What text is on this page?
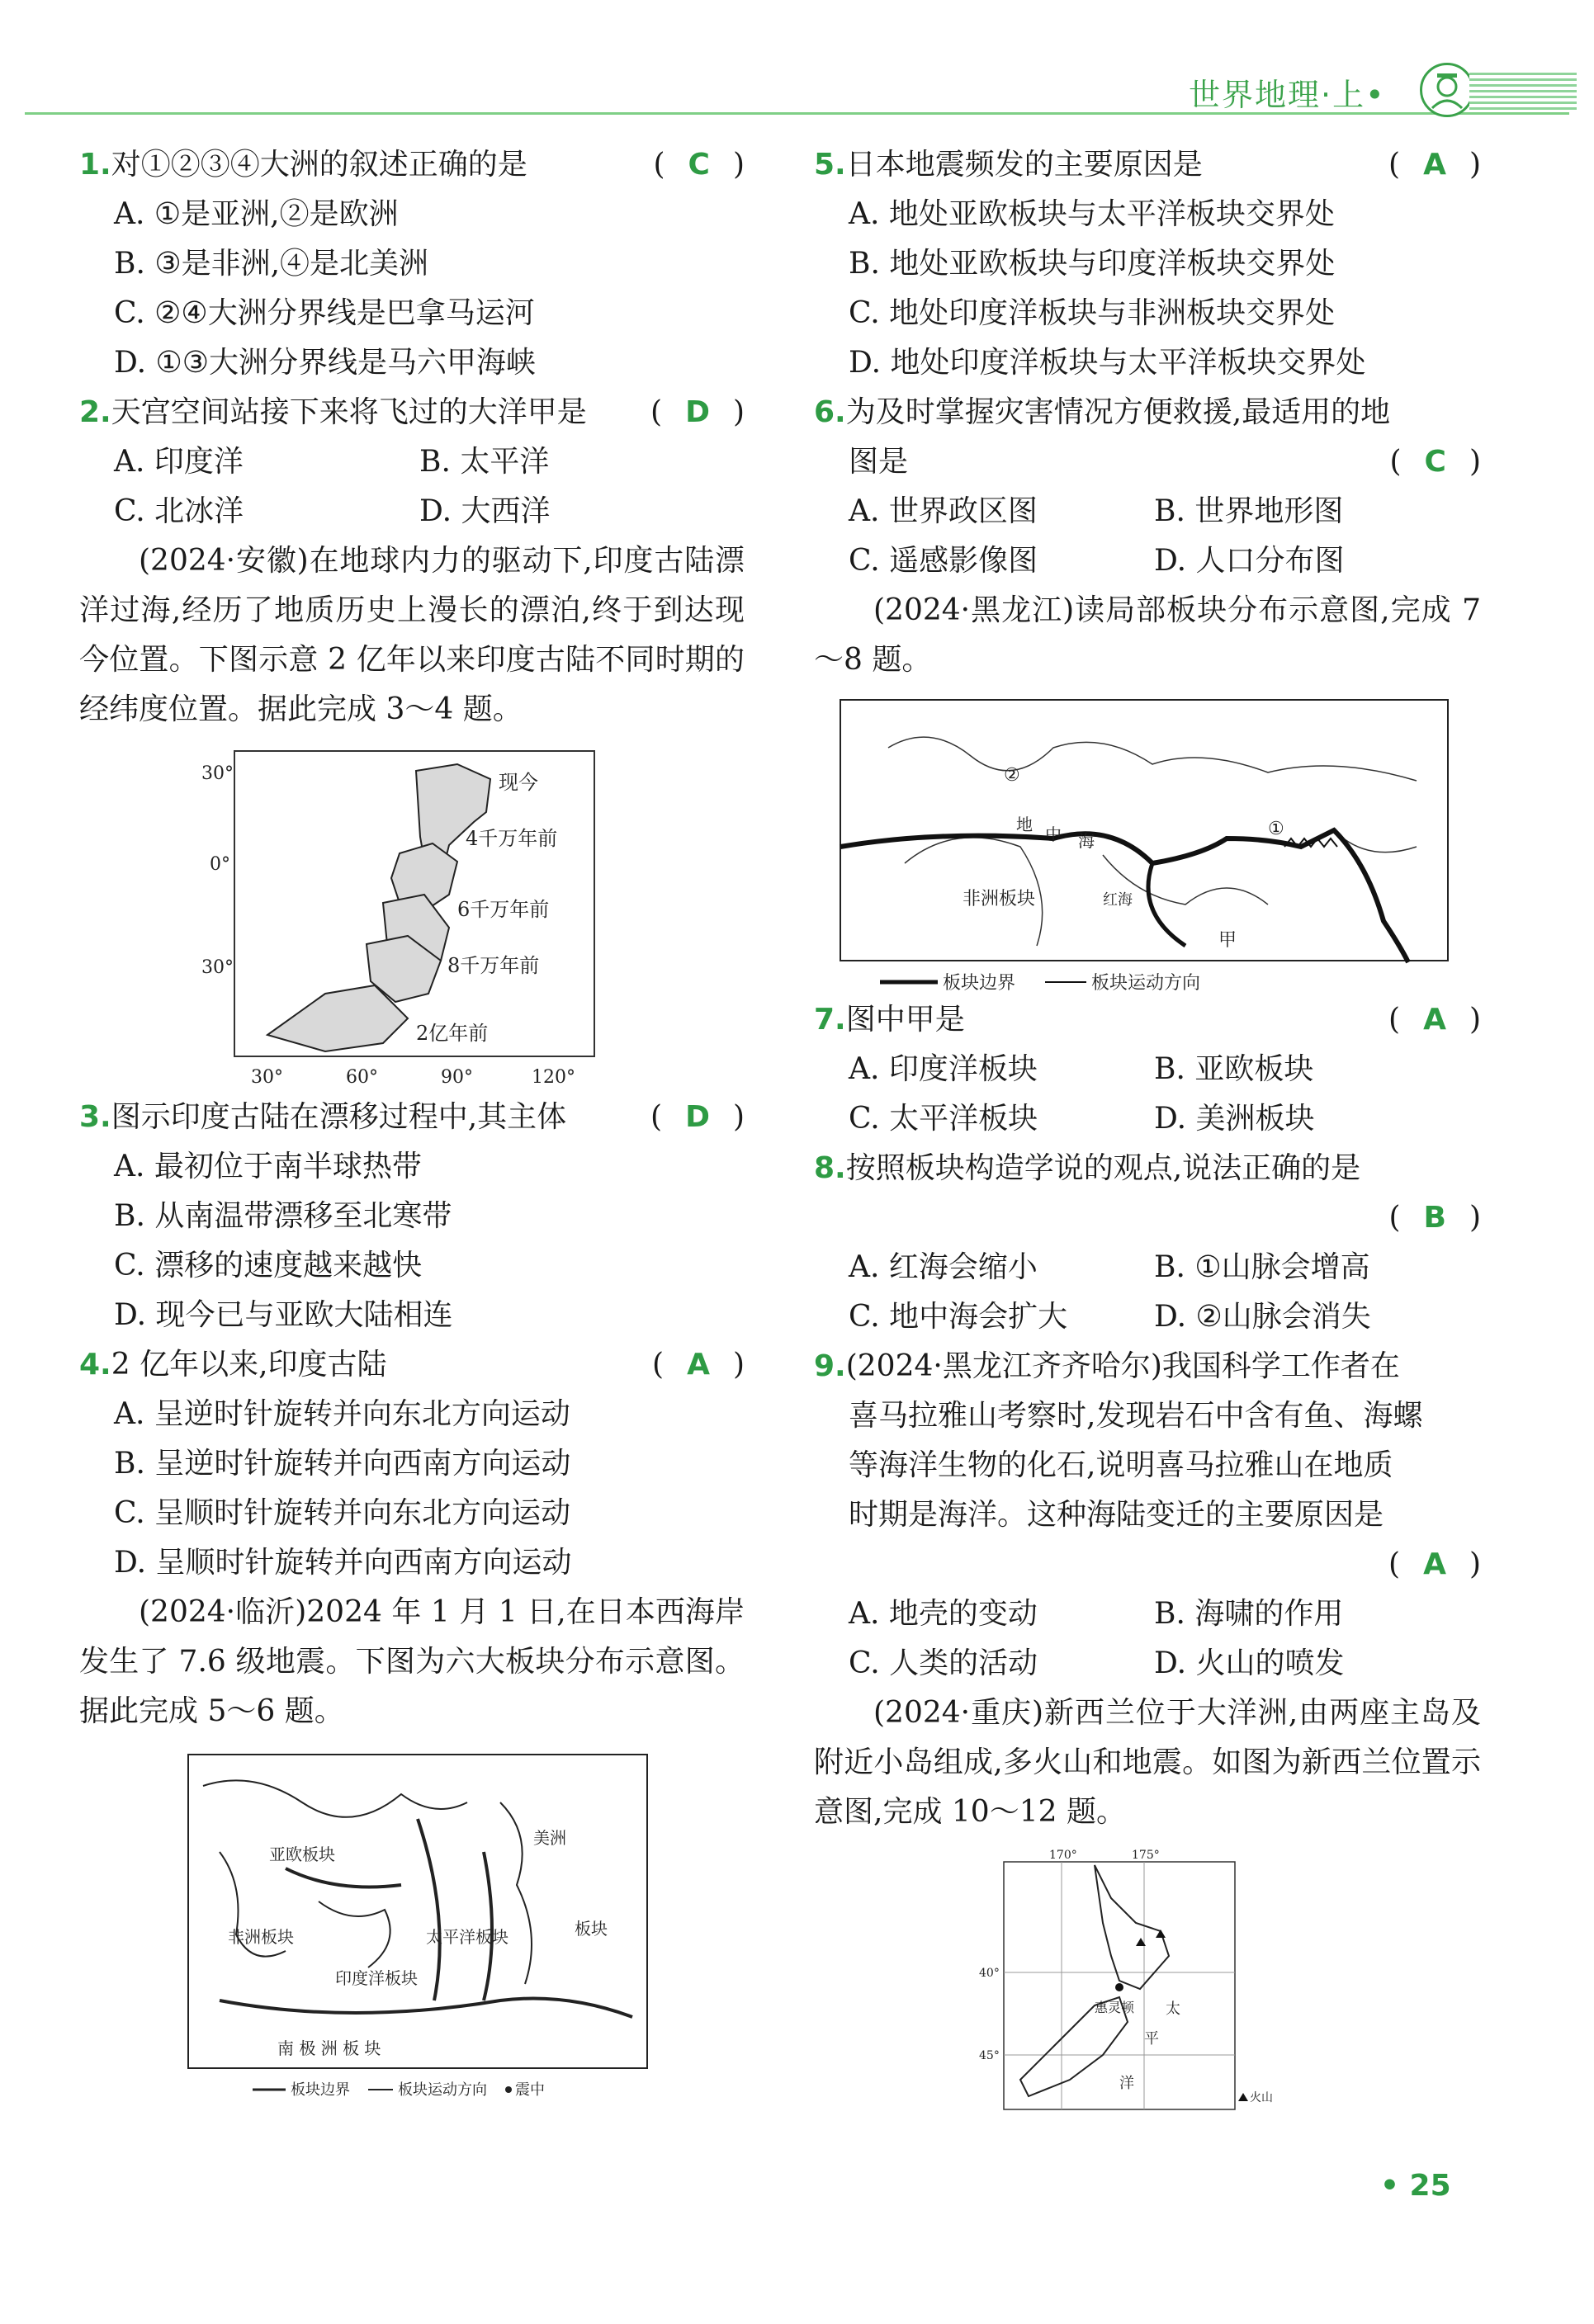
世界地理·上•
1.对①②③④大洲的叙述正确的是	( C )
A. ①是亚洲,②是欧洲
B. ③是非洲,④是北美洲
C. ②④大洲分界线是巴拿马运河
D. ①③大洲分界线是马六甲海峡
2.天宫空间站接下来将飞过的大洋甲是 ( D )
A. 印度洋	B. 太平洋
C. 北冰洋	D. 大西洋
(2024·安徽)在地球内力的驱动下,印度古陆漂洋过海,经历了地质历史上漫长的漂泊,终于到达现今位置。下图示意 2 亿年以来印度古陆不同时期的经纬度位置。据此完成 3～4 题。
30°
0°
30°
30°	60°	90°	120°
现今
4千万年前
6千万年前
8千万年前
2亿年前
3.图示印度古陆在漂移过程中,其主体	( D )
A. 最初位于南半球热带
B. 从南温带漂移至北寒带
C. 漂移的速度越来越快
D. 现今已与亚欧大陆相连
4.2 亿年以来,印度古陆	( A )
A. 呈逆时针旋转并向东北方向运动
B. 呈逆时针旋转并向西南方向运动
C. 呈顺时针旋转并向东北方向运动
D. 呈顺时针旋转并向西南方向运动
(2024·临沂)2024 年 1 月 1 日,在日本西海岸发生了 7.6 级地震。下图为六大板块分布示意图。据此完成 5～6 题。
亚欧板块
美洲
非洲板块	太平洋板块	板块
印度洋板块
南 极 洲 板 块
板块边界	板块运动方向 震中
5.日本地震频发的主要原因是	( A )
A. 地处亚欧板块与太平洋板块交界处
B. 地处亚欧板块与印度洋板块交界处
C. 地处印度洋板块与非洲板块交界处
D. 地处印度洋板块与太平洋板块交界处
6.为及时掌握灾害情况方便救援,最适用的地
图是	( C )
A. 世界政区图	B. 世界地形图
C. 遥感影像图	D. 人口分布图
(2024·黑龙江)读局部板块分布示意图,完成 7～8 题。
②
①
地 中 海
非洲板块	红海
甲
板块边界	板块运动方向
7.图中甲是	( A )
A. 印度洋板块	B. 亚欧板块
C. 太平洋板块	D. 美洲板块
8.按照板块构造学说的观点,说法正确的是
( B )
A. 红海会缩小	B. ①山脉会增高
C. 地中海会扩大	D. ②山脉会消失
9.(2024·黑龙江齐齐哈尔)我国科学工作者在
喜马拉雅山考察时,发现岩石中含有鱼、海螺
等海洋生物的化石,说明喜马拉雅山在地质
时期是海洋。这种海陆变迁的主要原因是
( A )
A. 地壳的变动	B. 海啸的作用
C. 人类的活动	D. 火山的喷发
(2024·重庆)新西兰位于大洋洲,由两座主岛及附近小岛组成,多火山和地震。如图为新西兰位置示意图,完成 10～12 题。
170°	175°
40°
45°
惠灵顿 太
平
洋
火山
• 25
